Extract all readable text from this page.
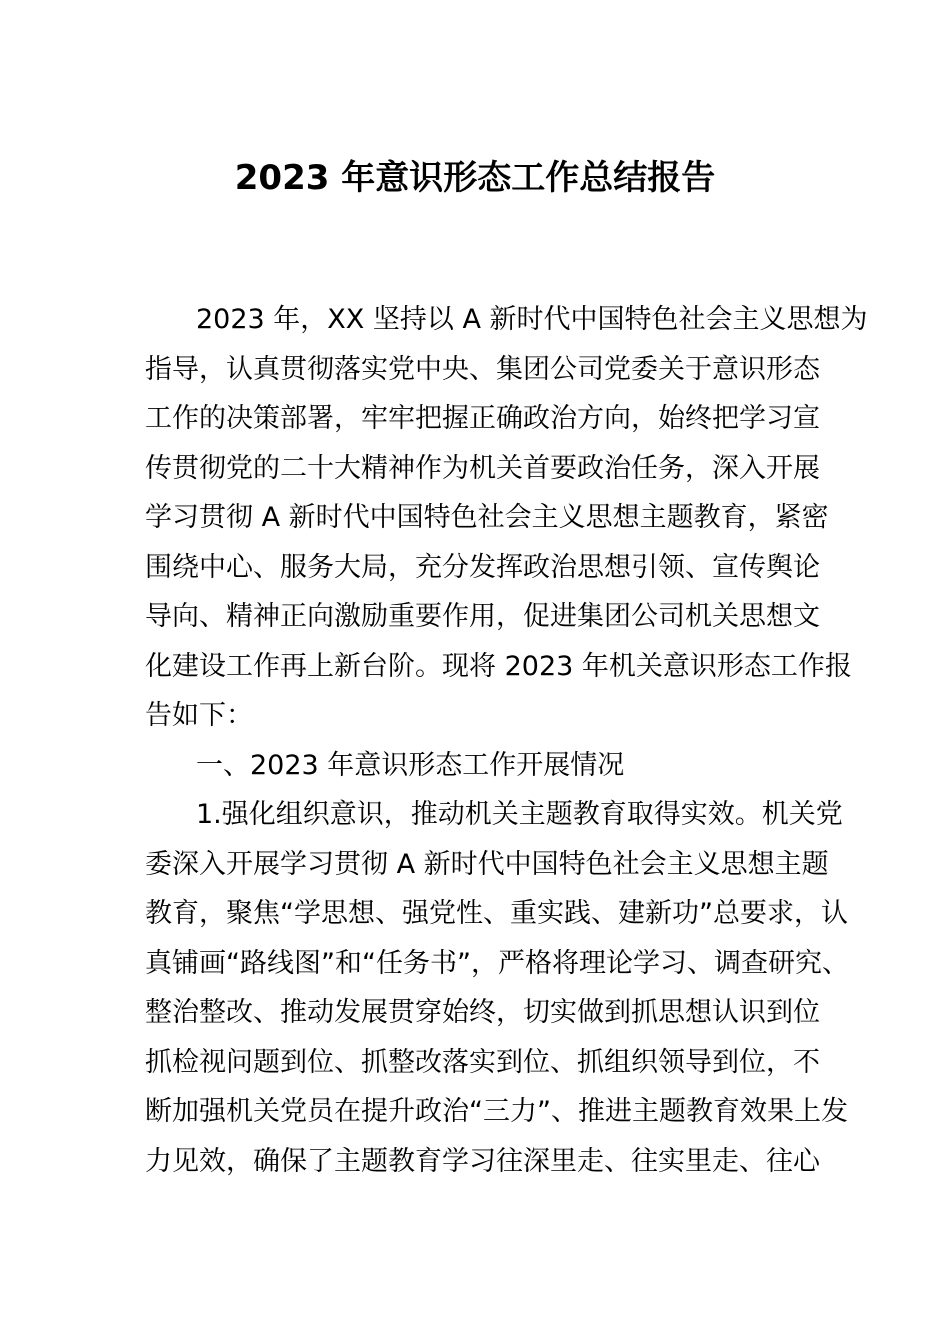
2023 年意识形态工作总结报告

2023 年，XX 坚持以 A 新时代中国特色社会主义思想为

指导，认真贯彻落实党中央、集团公司党委关于意识形态

工作的决策部署，牢牢把握正确政治方向，始终把学习宣

传贯彻党的二十大精神作为机关首要政治任务，深入开展

学习贯彻 A 新时代中国特色社会主义思想主题教育，紧密

围绕中心、服务大局，充分发挥政治思想引领、宣传舆论

导向、精神正向激励重要作用，促进集团公司机关思想文

化建设工作再上新台阶。现将 2023 年机关意识形态工作报

告如下：

一、2023 年意识形态工作开展情况

1.强化组织意识，推动机关主题教育取得实效。机关党

委深入开展学习贯彻 A 新时代中国特色社会主义思想主题

教育，聚焦“学思想、强党性、重实践、建新功”总要求，认

真铺画“路线图”和“任务书”，严格将理论学习、调查研究、

整治整改、推动发展贯穿始终，切实做到抓思想认识到位

抓检视问题到位、抓整改落实到位、抓组织领导到位，不

断加强机关党员在提升政治“三力”、推进主题教育效果上发

力见效，确保了主题教育学习往深里走、往实里走、往心
